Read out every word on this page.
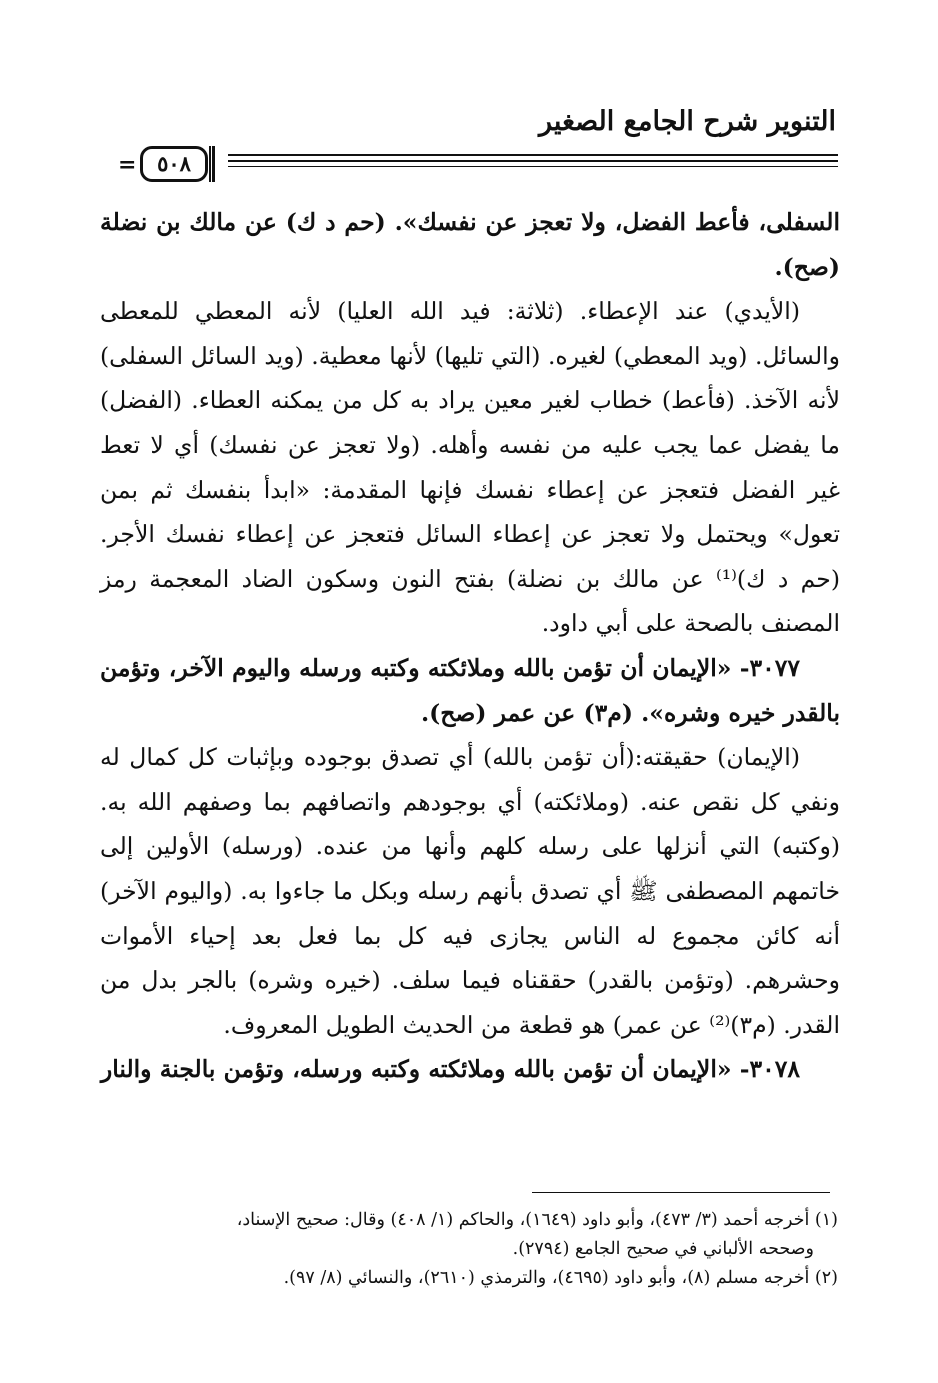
التنوير شرح الجامع الصغير
= ٥٠٨

السفلى، فأعط الفضل، ولا تعجز عن نفسك». (حم د ك) عن مالك بن نضلة (صح).

(الأيدي) عند الإعطاء. (ثلاثة: فيد الله العليا) لأنه المعطي للمعطى والسائل. (ويد المعطي) لغيره. (التي تليها) لأنها معطية. (ويد السائل السفلى) لأنه الآخذ. (فأعط) خطاب لغير معين يراد به كل من يمكنه العطاء. (الفضل) ما يفضل عما يجب عليه من نفسه وأهله. (ولا تعجز عن نفسك) أي لا تعط غير الفضل فتعجز عن إعطاء نفسك فإنها المقدمة: «ابدأ بنفسك ثم بمن تعول» ويحتمل ولا تعجز عن إعطاء السائل فتعجز عن إعطاء نفسك الأجر. (حم د ك)⁽¹⁾ عن مالك بن نضلة) بفتح النون وسكون الضاد المعجمة رمز المصنف بالصحة على أبي داود.

٣٠٧٧- «الإيمان أن تؤمن بالله وملائكته وكتبه ورسله واليوم الآخر، وتؤمن بالقدر خيره وشره». (م٣) عن عمر (صح).

(الإيمان) حقيقته:(أن تؤمن بالله) أي تصدق بوجوده وبإثبات كل كمال له ونفي كل نقص عنه. (وملائكته) أي بوجودهم واتصافهم بما وصفهم الله به. (وكتبه) التي أنزلها على رسله كلهم وأنها من عنده. (ورسله) الأولين إلى خاتمهم المصطفى ﷺ أي تصدق بأنهم رسله وبكل ما جاءوا به. (واليوم الآخر) أنه كائن مجموع له الناس يجازى فيه كل بما فعل بعد إحياء الأموات وحشرهم. (وتؤمن بالقدر) حققناه فيما سلف. (خيره وشره) بالجر بدل من القدر. (م٣)⁽²⁾ عن عمر) هو قطعة من الحديث الطويل المعروف.

٣٠٧٨- «الإيمان أن تؤمن بالله وملائكته وكتبه ورسله، وتؤمن بالجنة والنار

(١) أخرجه أحمد (٣/ ٤٧٣)، وأبو داود (١٦٤٩)، والحاكم (١/ ٤٠٨) وقال: صحيح الإسناد،

وصححه الألباني في صحيح الجامع (٢٧٩٤).

(٢) أخرجه مسلم (٨)، وأبو داود (٤٦٩٥)، والترمذي (٢٦١٠)، والنسائي (٨/ ٩٧).
